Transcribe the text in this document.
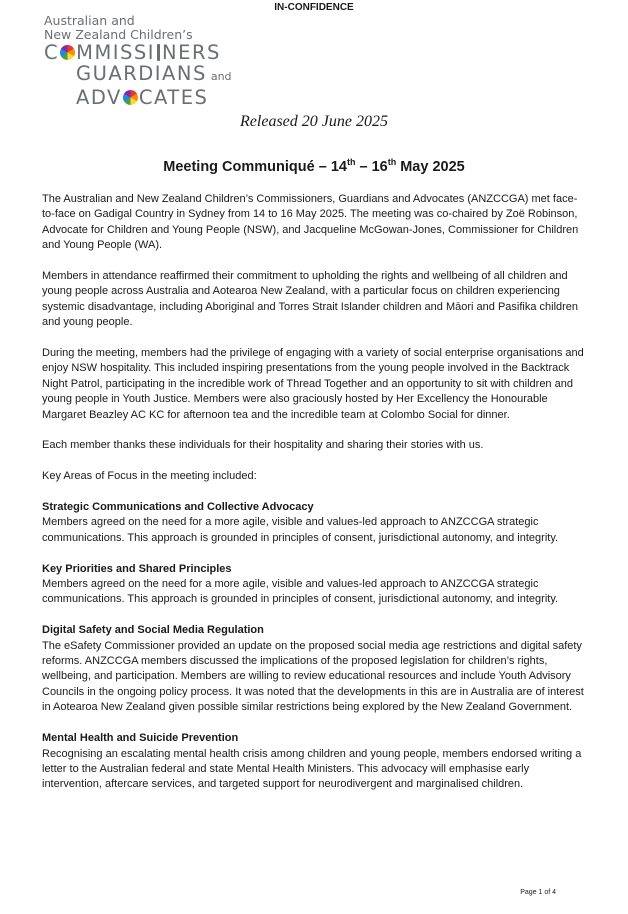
IN-CONFIDENCE

Australian and

New Zealand Children’s

C MMISSI NERS

GUARDIANS and

ADV CATES

Released 20 June 2025
Meeting Communiqué – 14th – 16th May 2025

The Australian and New Zealand Children’s Commissioners, Guardians and Advocates (ANZCCGA) met face-to-face on Gadigal Country in Sydney from 14 to 16 May 2025. The meeting was co-chaired by Zoë Robinson, Advocate for Children and Young People (NSW), and Jacqueline McGowan-Jones, Commissioner for Children and Young People (WA).

Members in attendance reaffirmed their commitment to upholding the rights and wellbeing of all children and young people across Australia and Aotearoa New Zealand, with a particular focus on children experiencing systemic disadvantage, including Aboriginal and Torres Strait Islander children and Māori and Pasifika children and young people.

During the meeting, members had the privilege of engaging with a variety of social enterprise organisations and enjoy NSW hospitality. This included inspiring presentations from the young people involved in the Backtrack Night Patrol, participating in the incredible work of Thread Together and an opportunity to sit with children and young people in Youth Justice. Members were also graciously hosted by Her Excellency the Honourable Margaret Beazley AC KC for afternoon tea and the incredible team at Colombo Social for dinner.

Each member thanks these individuals for their hospitality and sharing their stories with us.

Key Areas of Focus in the meeting included:

Strategic Communications and Collective Advocacy

Members agreed on the need for a more agile, visible and values-led approach to ANZCCGA strategic communications. This approach is grounded in principles of consent, jurisdictional autonomy, and integrity.

Key Priorities and Shared Principles

Members agreed on the need for a more agile, visible and values-led approach to ANZCCGA strategic communications. This approach is grounded in principles of consent, jurisdictional autonomy, and integrity.

Digital Safety and Social Media Regulation

The eSafety Commissioner provided an update on the proposed social media age restrictions and digital safety reforms. ANZCCGA members discussed the implications of the proposed legislation for children’s rights, wellbeing, and participation. Members are willing to review educational resources and include Youth Advisory Councils in the ongoing policy process. It was noted that the developments in this are in Australia are of interest in Aotearoa New Zealand given possible similar restrictions being explored by the New Zealand Government.

Mental Health and Suicide Prevention

Recognising an escalating mental health crisis among children and young people, members endorsed writing a letter to the Australian federal and state Mental Health Ministers. This advocacy will emphasise early intervention, aftercare services, and targeted support for neurodivergent and marginalised children.

Page 1 of 4
